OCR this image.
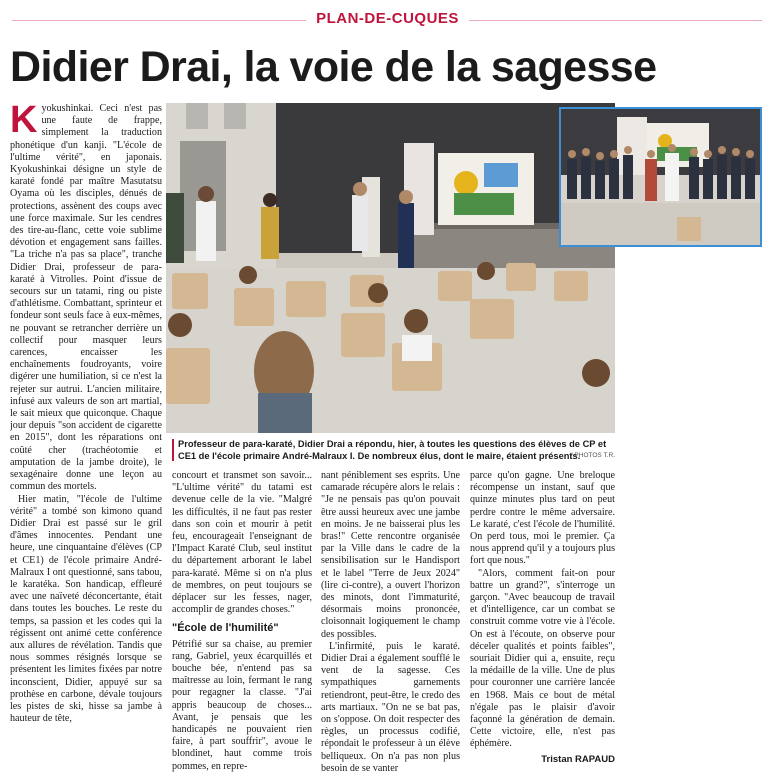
PLAN-DE-CUQUES
Didier Drai, la voie de la sagesse

Kyokushinkai. Ceci n'est pas une faute de frappe, simplement la traduction phonétique d'un kanji. "L'école de l'ultime vérité", en japonais. Kyokushinkai désigne un style de karaté fondé par maître Masutatsu Oyama où les disciples, dénués de protections, assènent des coups avec une force maximale. Sur les cendres des tire-au-flanc, cette voie sublime dévotion et engagement sans failles. "La triche n'a pas sa place", tranche Didier Drai, professeur de para-karaté à Vitrolles. Point d'issue de secours sur un tatami, ring ou piste d'athlétisme. Combattant, sprinteur et fondeur sont seuls face à eux-mêmes, ne pouvant se retrancher derrière un collectif pour masquer leurs carences, encaisser les enchaînements foudroyants, voire digérer une humiliation, si ce n'est la rejeter sur autrui. L'ancien militaire, infusé aux valeurs de son art martial, le sait mieux que quiconque. Chaque jour depuis "son accident de cigarette en 2015", dont les réparations ont coûté cher (trachéotomie et amputation de la jambe droite), le sexagénaire donne une leçon au commun des mortels.

Hier matin, "l'école de l'ultime vérité" a tombé son kimono quand Didier Drai est passé sur le gril d'âmes innocentes. Pendant une heure, une cinquantaine d'élèves (CP et CE1) de l'école primaire André-Malraux I ont questionné, sans tabou, le karatéka. Son handicap, effleuré avec une naïveté déconcertante, était dans toutes les bouches. Le reste du temps, sa passion et les codes qui la régissent ont animé cette conférence aux allures de révélation. Tandis que nous sommes résignés lorsque se présentent les limites fixées par notre inconscient, Didier, appuyé sur sa prothèse en carbone, dévale toujours les pistes de ski, hisse sa jambe à hauteur de tête,

Professeur de para-karaté, Didier Drai a répondu, hier, à toutes les questions des élèves de CP et CE1 de l'école primaire André-Malraux I. De nombreux élus, dont le maire, étaient présents.
/ PHOTOS T.R.

concourt et transmet son savoir... "L'ultime vérité" du tatami est devenue celle de la vie. "Malgré les difficultés, il ne faut pas rester dans son coin et mourir à petit feu, encourageait l'enseignant de l'Impact Karaté Club, seul institut du département arborant le label para-karaté. Même si on n'a plus de membres, on peut toujours se déplacer sur les fesses, nager, accomplir de grandes choses."

"École de l'humilité"

Pétrifié sur sa chaise, au premier rang, Gabriel, yeux écarquillés et bouche bée, n'entend pas sa maîtresse au loin, fermant le rang pour regagner la classe. "J'ai appris beaucoup de choses... Avant, je pensais que les handicapés ne pouvaient rien faire, à part souffrir", avoue le blondinet, haut comme trois pommes, en repre-

nant péniblement ses esprits. Une camarade récupère alors le relais : "Je ne pensais pas qu'on pouvait être aussi heureux avec une jambe en moins. Je ne baisserai plus les bras!" Cette rencontre organisée par la Ville dans le cadre de la sensibilisation sur le Handisport et le label "Terre de Jeux 2024" (lire ci-contre), a ouvert l'horizon des minots, dont l'immaturité, désormais moins prononcée, cloisonnait logiquement le champ des possibles.

L'infirmité, puis le karaté. Didier Drai a également soufflé le vent de la sagesse. Ces sympathiques garnements retiendront, peut-être, le credo des arts martiaux. "On ne se bat pas, on s'oppose. On doit respecter des règles, un processus codifié, répondait le professeur à un élève belliqueux. On n'a pas non plus besoin de se vanter

parce qu'on gagne. Une breloque récompense un instant, sauf que quinze minutes plus tard on peut perdre contre le même adversaire. Le karaté, c'est l'école de l'humilité. On perd tous, moi le premier. Ça nous apprend qu'il y a toujours plus fort que nous."

"Alors, comment fait-on pour battre un grand?", s'interroge un garçon. "Avec beaucoup de travail et d'intelligence, car un combat se construit comme votre vie à l'école. On est à l'écoute, on observe pour déceler qualités et points faibles", souriait Didier qui a, ensuite, reçu la médaille de la ville. Une de plus pour couronner une carrière lancée en 1968. Mais ce bout de métal n'égale pas le plaisir d'avoir façonné la génération de demain. Cette victoire, elle, n'est pas éphémère.

Tristan RAPAUD
